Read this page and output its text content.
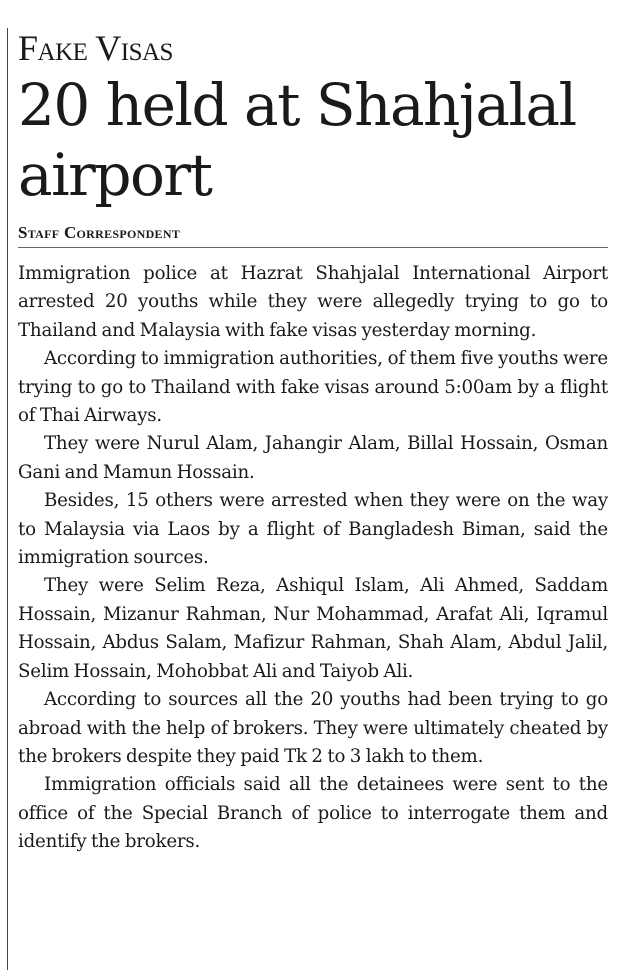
Fake Visas
20 held at Shahjalal airport
Staff Correspondent

Immigration police at Hazrat Shahjalal International Airport arrested 20 youths while they were allegedly trying to go to Thailand and Malaysia with fake visas yesterday morning.

According to immigration authorities, of them five youths were trying to go to Thailand with fake visas around 5:00am by a flight of Thai Airways.

They were Nurul Alam, Jahangir Alam, Billal Hossain, Osman Gani and Mamun Hossain.

Besides, 15 others were arrested when they were on the way to Malaysia via Laos by a flight of Bangladesh Biman, said the immigration sources.

They were Selim Reza, Ashiqul Islam, Ali Ahmed, Saddam Hossain, Mizanur Rahman, Nur Mohammad, Arafat Ali, Iqramul Hossain, Abdus Salam, Mafizur Rahman, Shah Alam, Abdul Jalil, Selim Hossain, Mohobbat Ali and Taiyob Ali.

According to sources all the 20 youths had been trying to go abroad with the help of brokers. They were ultimately cheated by the brokers despite they paid Tk 2 to 3 lakh to them.

Immigration officials said all the detainees were sent to the office of the Special Branch of police to interrogate them and identify the brokers.
